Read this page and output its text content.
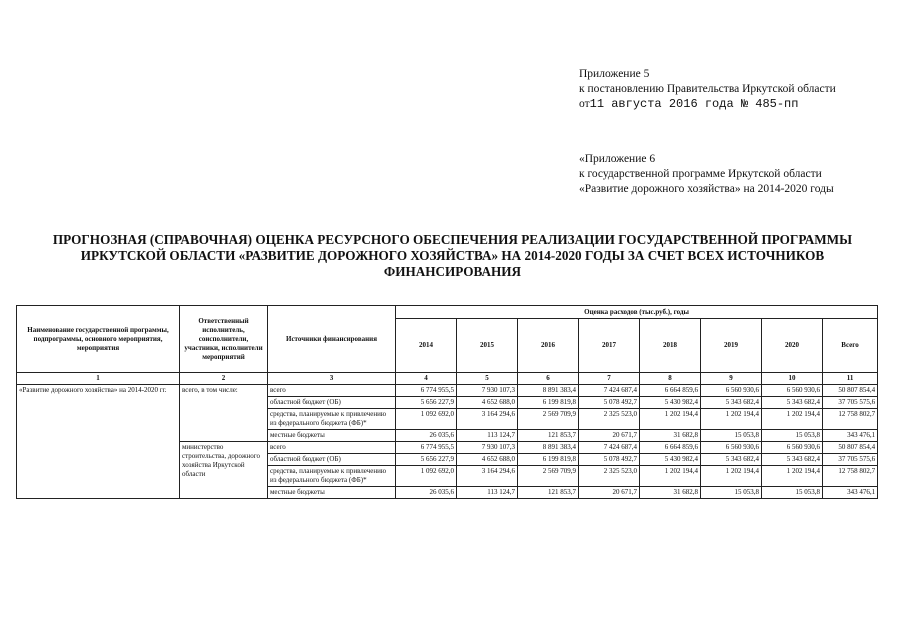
Приложение 5
к постановлению Правительства Иркутской области
от11 августа 2016 года № 485-пп
«Приложение 6
к государственной программе Иркутской области
«Развитие дорожного хозяйства» на 2014-2020 годы
ПРОГНОЗНАЯ (СПРАВОЧНАЯ) ОЦЕНКА РЕСУРСНОГО ОБЕСПЕЧЕНИЯ РЕАЛИЗАЦИИ ГОСУДАРСТВЕННОЙ ПРОГРАММЫ ИРКУТСКОЙ ОБЛАСТИ «РАЗВИТИЕ ДОРОЖНОГО ХОЗЯЙСТВА» НА 2014-2020 ГОДЫ ЗА СЧЕТ ВСЕХ ИСТОЧНИКОВ ФИНАНСИРОВАНИЯ
Наименование государственной программы, подпрограммы, основного мероприятия, мероприятия	Ответственный исполнитель, соисполнители, участники, исполнители мероприятий	Источники финансирования	Оценка расходов (тыс.руб.), годы							
			2014	2015	2016	2017	2018	2019	2020	Всего
1	2	3	4	5	6	7	8	9	10	11
«Развитие дорожного хозяйства» на 2014-2020 гг.	всего, в том числе:	всего	6 774 955,5	7 930 107,3	8 891 383,4	7 424 687,4	6 664 859,6	6 560 930,6	6 560 930,6	50 807 854,4
		областной бюджет (ОБ)	5 656 227,9	4 652 688,0	6 199 819,8	5 078 492,7	5 430 982,4	5 343 682,4	5 343 682,4	37 705 575,6
		средства, планируемые к привлечению из федерального бюджета (ФБ)*	1 092 692,0	3 164 294,6	2 569 709,9	2 325 523,0	1 202 194,4	1 202 194,4	1 202 194,4	12 758 802,7
		местные бюджеты	26 035,6	113 124,7	121 853,7	20 671,7	31 682,8	15 053,8	15 053,8	343 476,1
	министерство строительства, дорожного хозяйства Иркутской области	всего	6 774 955,5	7 930 107,3	8 891 383,4	7 424 687,4	6 664 859,6	6 560 930,6	6 560 930,6	50 807 854,4
		областной бюджет (ОБ)	5 656 227,9	4 652 688,0	6 199 819,8	5 078 492,7	5 430 982,4	5 343 682,4	5 343 682,4	37 705 575,6
		средства, планируемые к привлечению из федерального бюджета (ФБ)*	1 092 692,0	3 164 294,6	2 569 709,9	2 325 523,0	1 202 194,4	1 202 194,4	1 202 194,4	12 758 802,7
		местные бюджеты	26 035,6	113 124,7	121 853,7	20 671,7	31 682,8	15 053,8	15 053,8	343 476,1
